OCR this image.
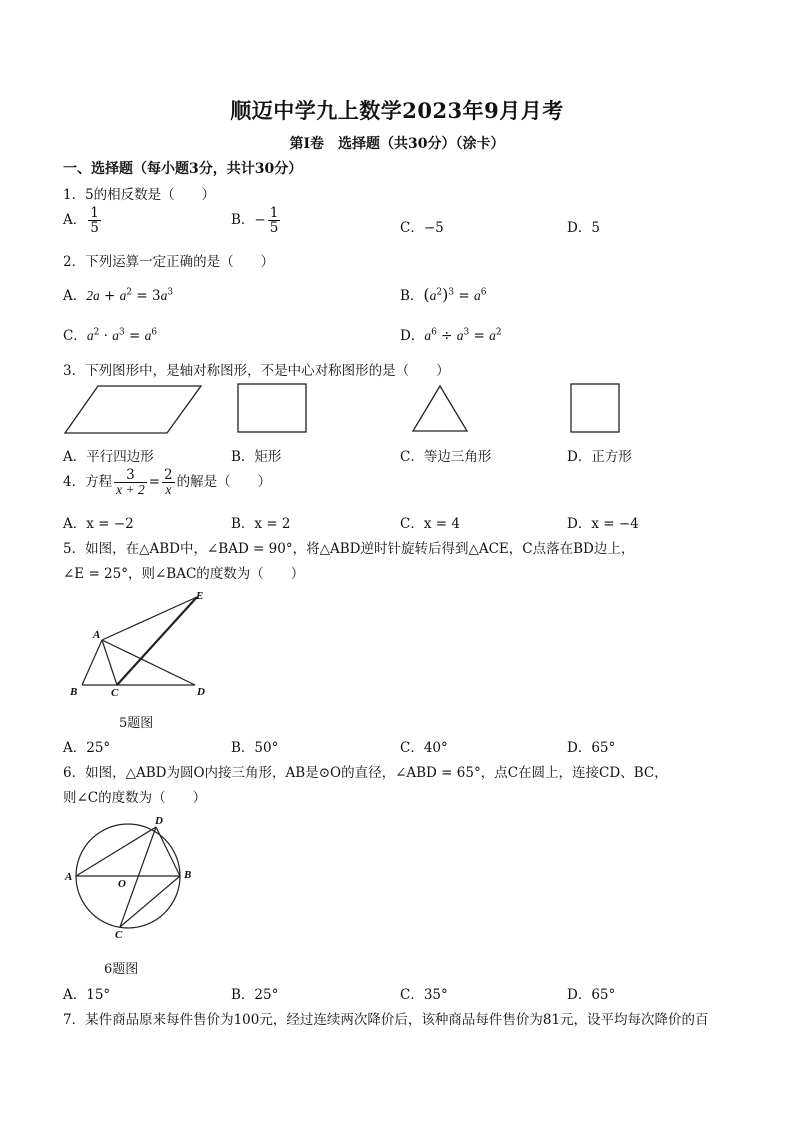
顺迈中学九上数学2023年9月月考
第Ⅰ卷　选择题（共30分）（涂卡）
一、选择题（每小题3分，共计30分）
1．5的相反数是（　　）
A． $\frac{1}{5}$	B．− $\frac{1}{5}$	C．−5	D．5
2．下列运算一定正确的是（　　）
A．$2a + a^2 = 3a^3$	B．$(a^2)^3 = a^6$
C．$a^2 \cdot a^3 = a^6$	D．$a^6 \div a^3 = a^2$
3．下列图形中，是轴对称图形，不是中心对称图形的是（　　）
A．平行四边形	B．矩形	C．等边三角形	D．正方形
4．方程 $\frac{3}{x + 2} = \frac{2}{x}$ 的解是（　　）
A．x = −2	B．x = 2	C．x = 4	D．x = −4
5．如图，在△ABD中，∠BAD = 90°，将△ABD逆时针旋转后得到△ACE，C点落在BD边上，
∠E = 25°，则∠BAC的度数为（　　）
A
B	C	D
E
5题图
A．25°	B．50°	C．40°	D．65°
6．如图，△ABD为圆O内接三角形，AB是⊙O的直径，∠ABD = 65°，点C在圆上，连接CD、BC，
则∠C的度数为（　　）
A	B
C
D
O
6题图
A．15°	B．25°	C．35°	D．65°
7．某件商品原来每件售价为100元，经过连续两次降价后，该种商品每件售价为81元，设平均每次降价的百
